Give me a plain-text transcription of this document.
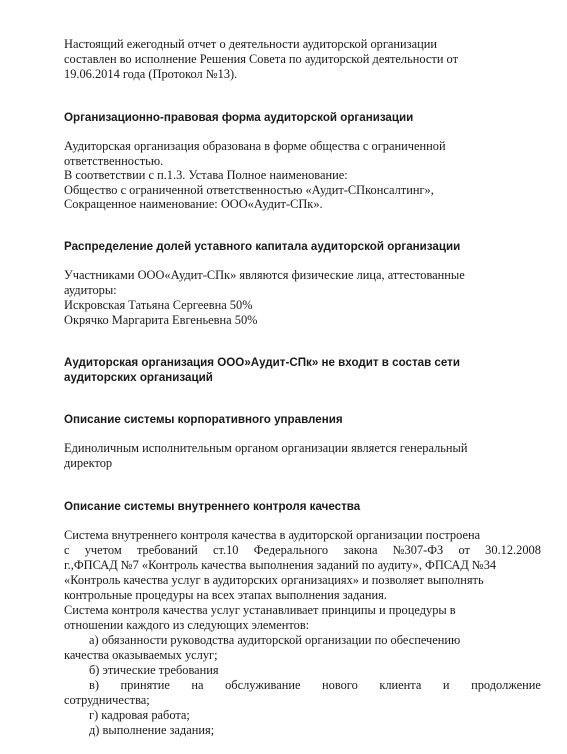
Настоящий ежегодный отчет о деятельности аудиторской организации
составлен во исполнение Решения Совета по аудиторской деятельности от
19.06.2014 года (Протокол №13).
Организационно-правовая форма аудиторской организации
Аудиторская организация образована в форме общества с ограниченной
ответственностью.
В соответствии с п.1.3. Устава Полное наименование:
Общество с ограниченной ответственностью «Аудит-СПконсалтинг»,
Сокращенное наименование: ООО«Аудит-СПк».
Распределение долей уставного капитала аудиторской организации
Участниками ООО«Аудит-СПк» являются физические лица, аттестованные
аудиторы:
Искровская Татьяна Сергеевна 50%
Окрячко Маргарита Евгеньевна 50%
Аудиторская организация ООО»Аудит-СПк» не входит в состав сети
аудиторских организаций
Описание системы корпоративного управления
Единоличным исполнительным органом организации является генеральный
директор
Описание системы внутреннего контроля качества
Система внутреннего контроля качества в аудиторской организации построена
с учетом требований ст.10 Федерального закона №307-ФЗ от 30.12.2008
г.,ФПСАД №7 «Контроль качества выполнения заданий по аудиту», ФПСАД №34
«Контроль качества услуг в аудиторских организациях» и позволяет выполнять
контрольные процедуры на всех этапах выполнения задания.
Система контроля качества услуг устанавливает принципы и процедуры в
отношении каждого из следующих элементов:
а) обязанности руководства аудиторской организации по обеспечению
качества оказываемых услуг;
б) этические требования
в) принятие на обслуживание нового клиента и продолжение
сотрудничества;
г) кадровая работа;
д) выполнение задания;
